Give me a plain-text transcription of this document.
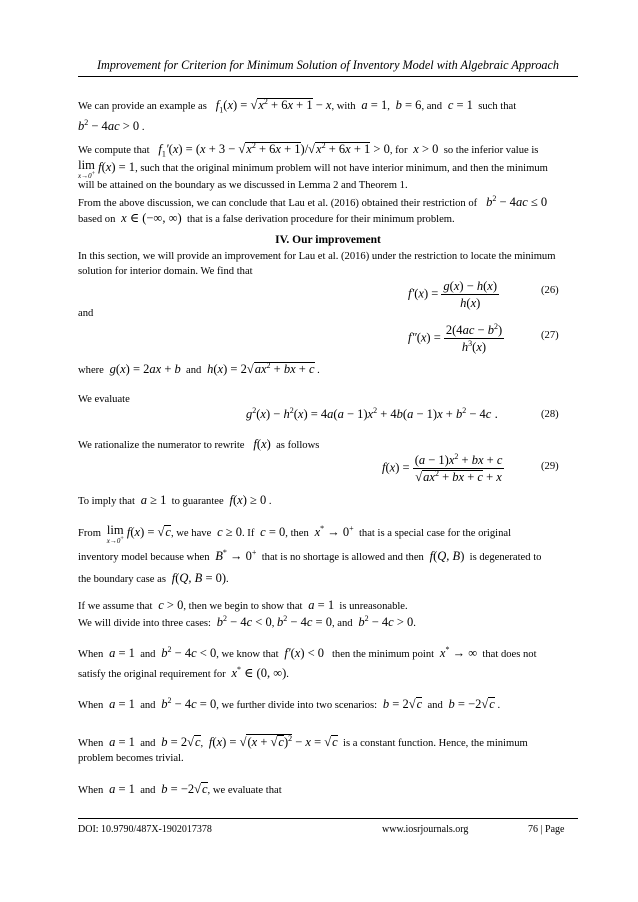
Improvement for Criterion for Minimum Solution of Inventory Model with Algebraic Approach
We can provide an example as   $f_1(x) = √x^2 + 6x + 1 - x$, with  a = 1,  b = 6, and  c = 1 such that
$b^2 - 4ac > 0$ .
We compute that   $f_1'(x) = (x + 3 - √x^2 + 6x + 1)/√x^2 + 6x + 1 > 0$, for  x > 0 so the inferior value is
lim
x→0+ f(x) = 1, such that the original minimum problem will not have interior minimum, and then the minimum
will be attained on the boundary as we discussed in Lemma 2 and Theorem 1.
From the above discussion, we can conclude that Lau et al. (2016) obtained their restriction of   $b^2 - 4ac \le 0$
based on  x ∈ (−∞, ∞) that is a false derivation procedure for their minimum problem.
IV. Our improvement
In this section, we will provide an improvement for Lau et al. (2016) under the restriction to locate the minimum
solution for interior domain. We find that
$f'(x) = \frac{g(x) - h(x)}{h(x)}$	(26)
and
$f''(x) = \frac{2(4ac - b^2)}{h^3(x)}$	(27)
where  g(x) = 2ax + b and  $h(x) = 2√ax^2$ + bx + c .
We evaluate
$g^2(x) - h^2(x) = 4a(a - 1)x^2 + 4b(a - 1)x + b^2 - 4c$ .	(28)
We rationalize the numerator to rewrite   f(x) as follows
$f(x) = \frac{(a - 1)x^2 + bx + c}{√ax^2 + bx + c + x}$	(29)
To imply that  a ≥ 1 to guarantee  f(x) ≥ 0 .
From lim
x→0+ f(x) = √c, we have  c ≥ 0. If  c = 0, then  x* → 0+ that is a special case for the original
inventory model because when  B* → 0+ that is no shortage is allowed and then  f(Q, B) is degenerated to
the boundary case as  f(Q, B = 0).
If we assume that  c > 0, then we begin to show that  a = 1 is unreasonable.
We will divide into three cases:  $b^2 - 4c < 0$, $b^2 - 4c = 0$, and  $b^2 - 4c > 0$.
When  a = 1 and  $b^2 - 4c < 0$, we know that  f′(x) < 0 then the minimum point  x* → ∞ that does not
satisfy the original requirement for  x* ∈ (0, ∞).
When  a = 1 and  $b^2 - 4c = 0$, we further divide into two scenarios:  b = 2√c and  b = −2√c .
When  a = 1 and  b = 2√c,  $f(x) = √(x + √c)^2 - x = √c$ is a constant function. Hence, the minimum
problem becomes trivial.
When  a = 1 and  b = −2√c, we evaluate that
DOI: 10.9790/487X-1902017378	www.iosrjournals.org	76 | Page
